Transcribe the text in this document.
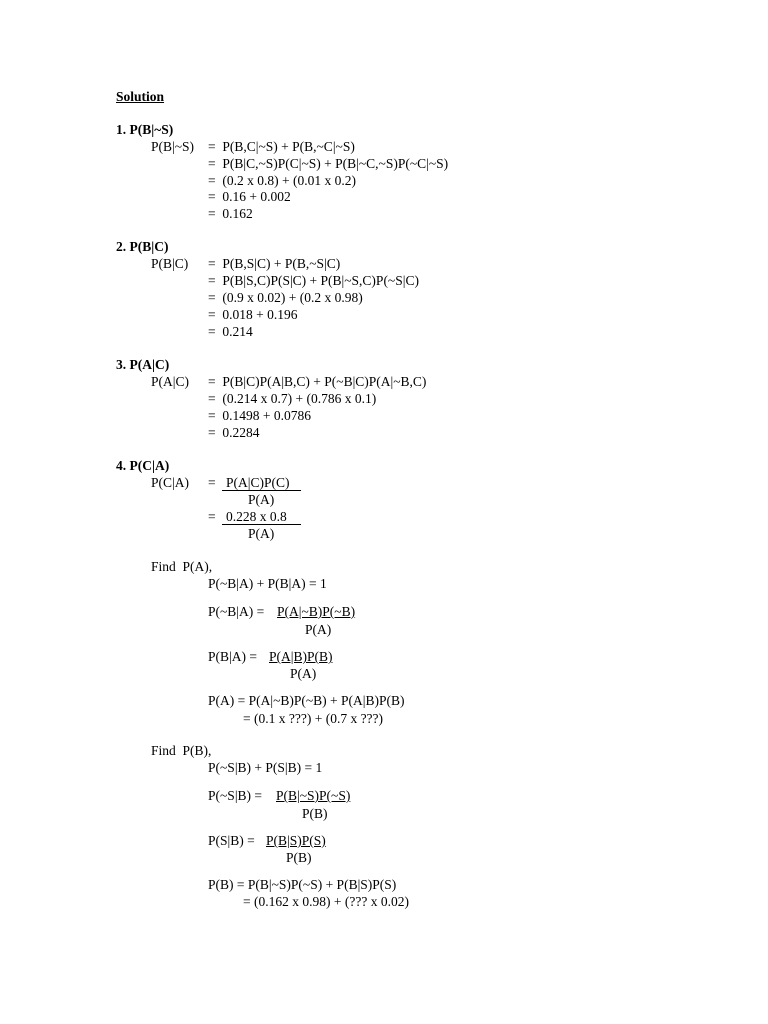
Solution
1. P(B|~S)
P(B|~S) =  P(B,C|~S) + P(B,~C|~S)
=  P(B|C,~S)P(C|~S) + P(B|~C,~S)P(~C|~S)
=  (0.2 x 0.8) + (0.01 x 0.2)
=  0.16 + 0.002
=  0.162
2. P(B|C)
P(B|C) =  P(B,S|C) + P(B,~S|C)
=  P(B|S,C)P(S|C) + P(B|~S,C)P(~S|C)
=  (0.9 x 0.02) + (0.2 x 0.98)
=  0.018 + 0.196
=  0.214
3. P(A|C)
P(A|C) =  P(B|C)P(A|B,C) + P(~B|C)P(A|~B,C)
=  (0.214 x 0.7) + (0.786 x 0.1)
=  0.1498 + 0.0786
=  0.2284
4. P(C|A)
P(C|A) = P(A|C)P(C)
P(A)
= 0.228 x 0.8
P(A)
Find  P(A),
P(~B|A) + P(B|A) = 1
P(~B|A) = P(A|~B)P(~B)
P(A)
P(B|A) = P(A|B)P(B)
P(A)
P(A) = P(A|~B)P(~B) + P(A|B)P(B)
= (0.1 x ???) + (0.7 x ???)
Find  P(B),
P(~S|B) + P(S|B) = 1
P(~S|B) = P(B|~S)P(~S)
P(B)
P(S|B) = P(B|S)P(S)
P(B)
P(B) = P(B|~S)P(~S) + P(B|S)P(S)
= (0.162 x 0.98) + (??? x 0.02)
